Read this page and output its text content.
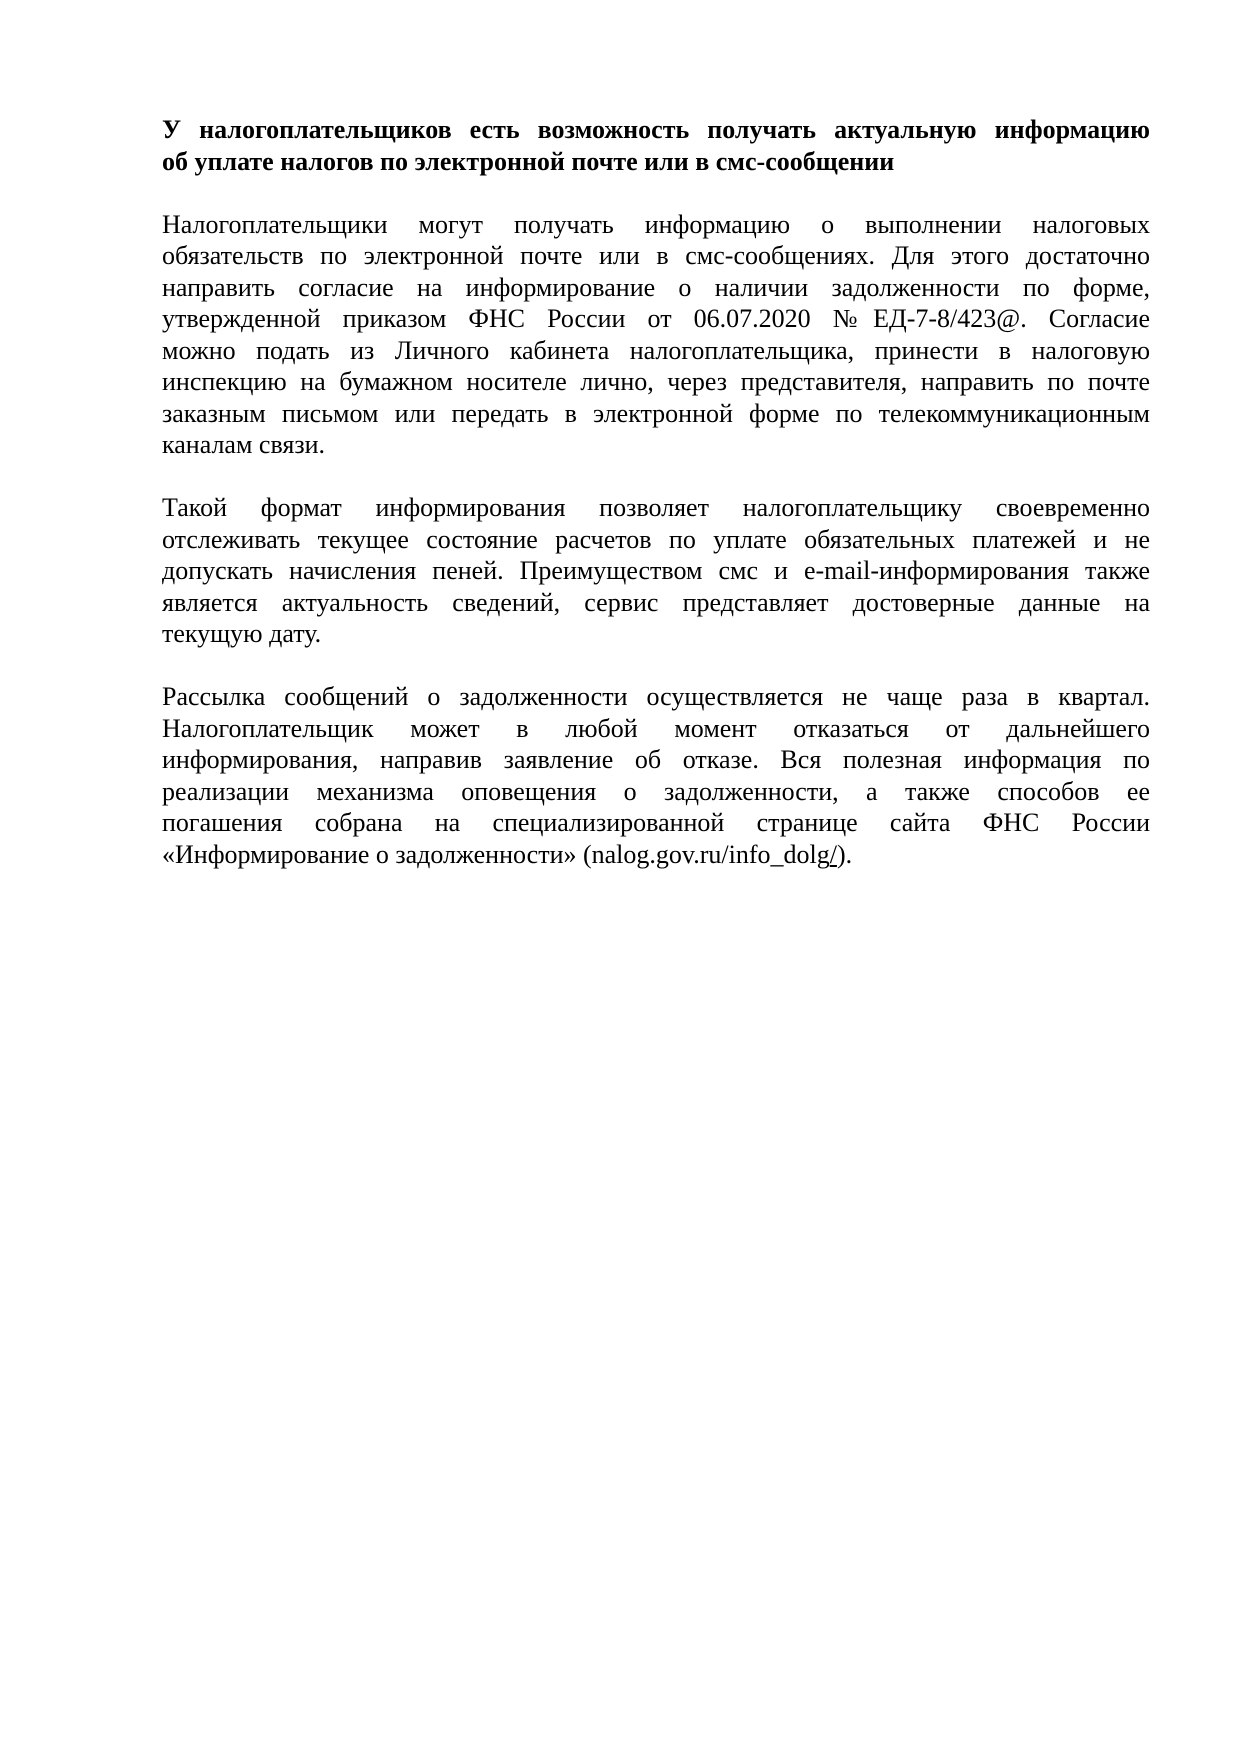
У налогоплательщиков есть возможность получать актуальную информацию
об уплате налогов по электронной почте или в смс-сообщении
Налогоплательщики могут получать информацию о выполнении налоговых
обязательств по электронной почте или в смс-сообщениях. Для этого достаточно
направить согласие на информирование о наличии задолженности по форме,
утвержденной приказом ФНС России от 06.07.2020 №ЕД-7-8/423@. Согласие
можно подать из Личного кабинета налогоплательщика, принести в налоговую
инспекцию на бумажном носителе лично, через представителя, направить по почте
заказным письмом или передать в электронной форме по телекоммуникационным
каналам связи.
Такой формат информирования позволяет налогоплательщику своевременно
отслеживать текущее состояние расчетов по уплате обязательных платежей и не
допускать начисления пеней. Преимуществом смс и e-mail-информирования также
является актуальность сведений, сервис представляет достоверные данные на
текущую дату.
Рассылка сообщений о задолженности осуществляется не чаще раза в квартал.
Налогоплательщик может в любой момент отказаться от дальнейшего
информирования, направив заявление об отказе. Вся полезная информация по
реализации механизма оповещения о задолженности, а также способов ее
погашения собрана на специализированной странице сайта ФНС России
«Информирование о задолженности» (nalog.gov.ru/info_dolg/).
